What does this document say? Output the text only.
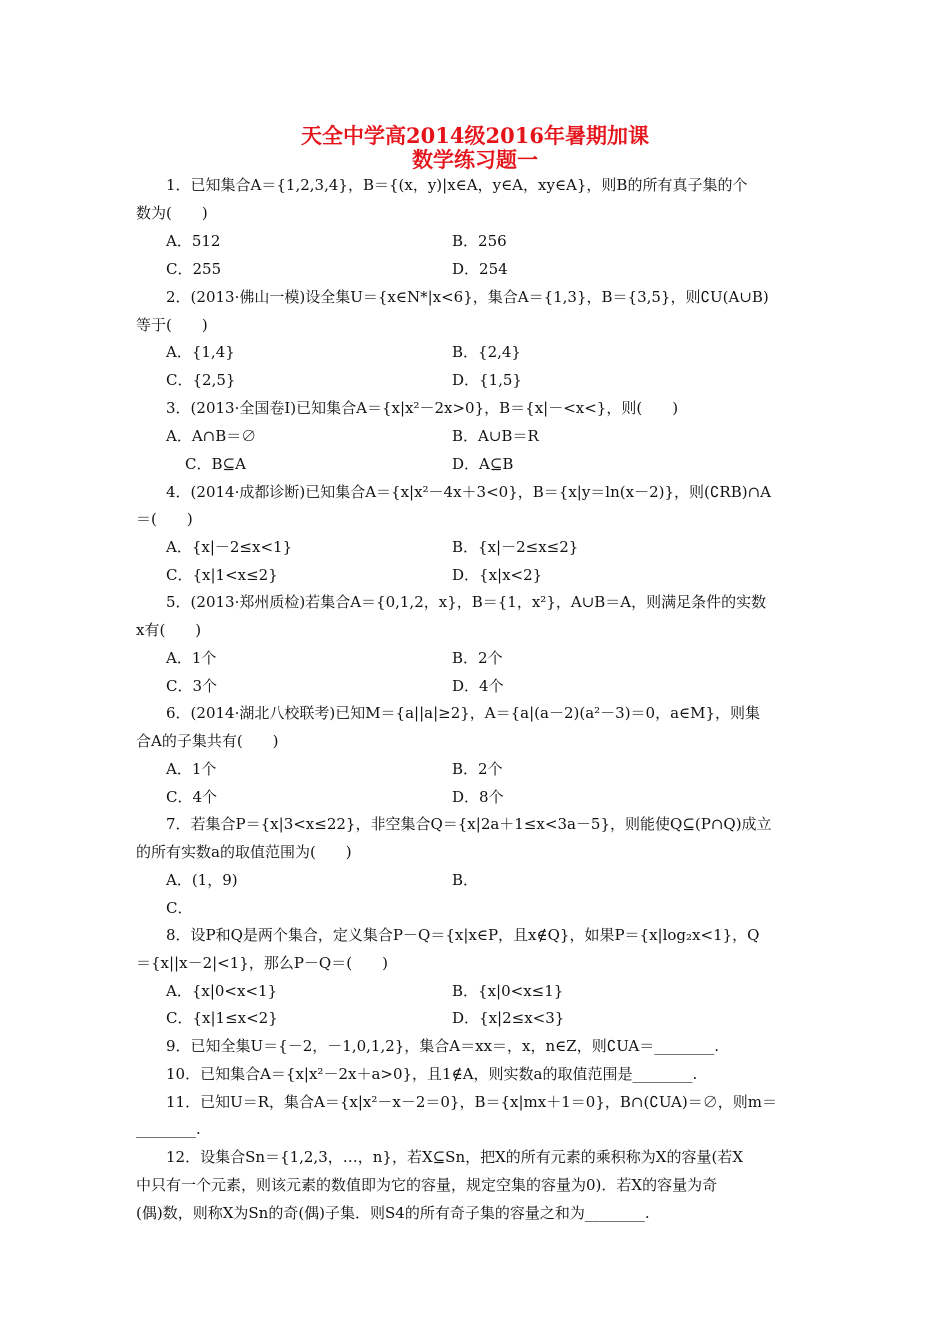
天全中学高2014级2016年暑期加课
数学练习题一
1．已知集合A＝{1,2,3,4}，B＝{(x，y)|x∈A，y∈A，xy∈A}，则B的所有真子集的个
数为(　　)
A．512	B．256
C．255	D．254
2．(2013·佛山一模)设全集U＝{x∈N*|x<6}，集合A＝{1,3}，B＝{3,5}，则∁U(A∪B)
等于(　　)
A．{1,4}	B．{2,4}
C．{2,5}	D．{1,5}
3．(2013·全国卷Ⅰ)已知集合A＝{x|x²－2x>0}，B＝{x|－<x<}，则(　　)
A．A∩B＝∅	B．A∪B＝R
C．B⊆A	D．A⊆B
4．(2014·成都诊断)已知集合A＝{x|x²－4x＋3<0}，B＝{x|y＝ln(x－2)}，则(∁RB)∩A
＝(　　)
A．{x|－2≤x<1}	B．{x|－2≤x≤2}
C．{x|1<x≤2}	D．{x|x<2}
5．(2013·郑州质检)若集合A＝{0,1,2，x}，B＝{1，x²}，A∪B＝A，则满足条件的实数
x有(　　)
A．1个	B．2个
C．3个	D．4个
6．(2014·湖北八校联考)已知M＝{a||a|≥2}，A＝{a|(a－2)(a²－3)＝0，a∈M}，则集
合A的子集共有(　　)
A．1个	B．2个
C．4个	D．8个
7．若集合P＝{x|3<x≤22}，非空集合Q＝{x|2a＋1≤x<3a－5}，则能使Q⊆(P∩Q)成立
的所有实数a的取值范围为(　　)
A．(1，9)	B．
C．
8．设P和Q是两个集合，定义集合P－Q＝{x|x∈P，且x∉Q}，如果P＝{x|log₂x<1}，Q
＝{x||x－2|<1}，那么P－Q＝(　　)
A．{x|0<x<1}	B．{x|0<x≤1}
C．{x|1≤x<2}	D．{x|2≤x<3}
9．已知全集U＝{－2，－1,0,1,2}，集合A＝xx＝，x，n∈Z，则∁UA＝________.
10．已知集合A＝{x|x²－2x＋a>0}，且1∉A，则实数a的取值范围是________.
11．已知U＝R，集合A＝{x|x²－x－2＝0}，B＝{x|mx＋1＝0}，B∩(∁UA)＝∅，则m＝
________.
12．设集合Sn＝{1,2,3，…，n}，若X⊆Sn，把X的所有元素的乘积称为X的容量(若X
中只有一个元素，则该元素的数值即为它的容量，规定空集的容量为0)．若X的容量为奇
(偶)数，则称X为Sn的奇(偶)子集．则S4的所有奇子集的容量之和为________.
